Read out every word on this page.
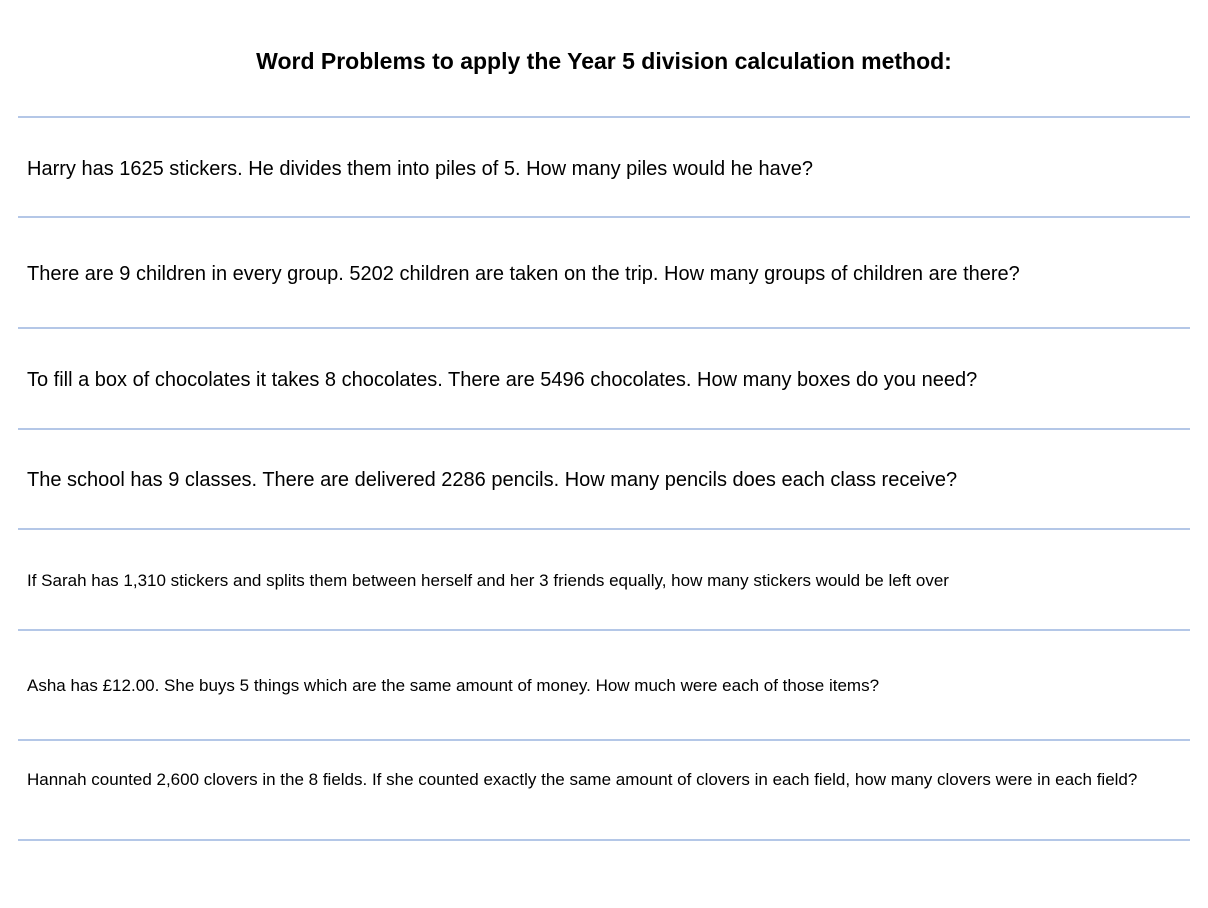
Word Problems to apply the Year 5 division calculation method:

Harry has 1625 stickers. He divides them into piles of 5. How many piles would he have?

There are 9 children in every group. 5202 children are taken on the trip. How many groups of children are there?

To fill a box of chocolates it takes 8 chocolates. There are 5496 chocolates. How many boxes do you need?

The school has 9 classes. There are delivered 2286 pencils. How many pencils does each class receive?

If Sarah has 1,310 stickers and splits them between herself and her 3 friends equally, how many stickers would be left over

Asha has £12.00. She buys 5 things which are the same amount of money. How much were each of those items?

Hannah counted 2,600 clovers in the 8 fields. If she counted exactly the same amount of clovers in each field, how many clovers were in each field?
